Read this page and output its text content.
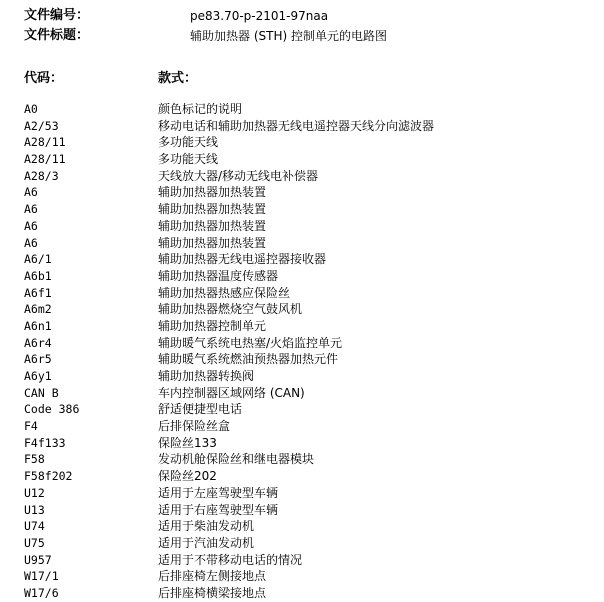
文件编号：	pe83.70-p-2101-97naa
文件标题：	辅助加热器 (STH) 控制单元的电路图
代码：	款式：
A0	颜色标记的说明
A2/53	移动电话和辅助加热器无线电遥控器天线分向滤波器
A28/11	多功能天线
A28/11	多功能天线
A28/3	天线放大器/移动无线电补偿器
A6	辅助加热器加热装置
A6	辅助加热器加热装置
A6	辅助加热器加热装置
A6	辅助加热器加热装置
A6/1	辅助加热器无线电遥控器接收器
A6b1	辅助加热器温度传感器
A6f1	辅助加热器热感应保险丝
A6m2	辅助加热器燃烧空气鼓风机
A6n1	辅助加热器控制单元
A6r4	辅助暖气系统电热塞/火焰监控单元
A6r5	辅助暖气系统燃油预热器加热元件
A6y1	辅助加热器转换阀
CAN B	车内控制器区域网络 (CAN)
Code 386	舒适便捷型电话
F4	后排保险丝盒
F4f133	保险丝133
F58	发动机舱保险丝和继电器模块
F58f202	保险丝202
U12	适用于左座驾驶型车辆
U13	适用于右座驾驶型车辆
U74	适用于柴油发动机
U75	适用于汽油发动机
U957	适用于不带移动电话的情况
W17/1	后排座椅左侧接地点
W17/6	后排座椅横梁接地点
